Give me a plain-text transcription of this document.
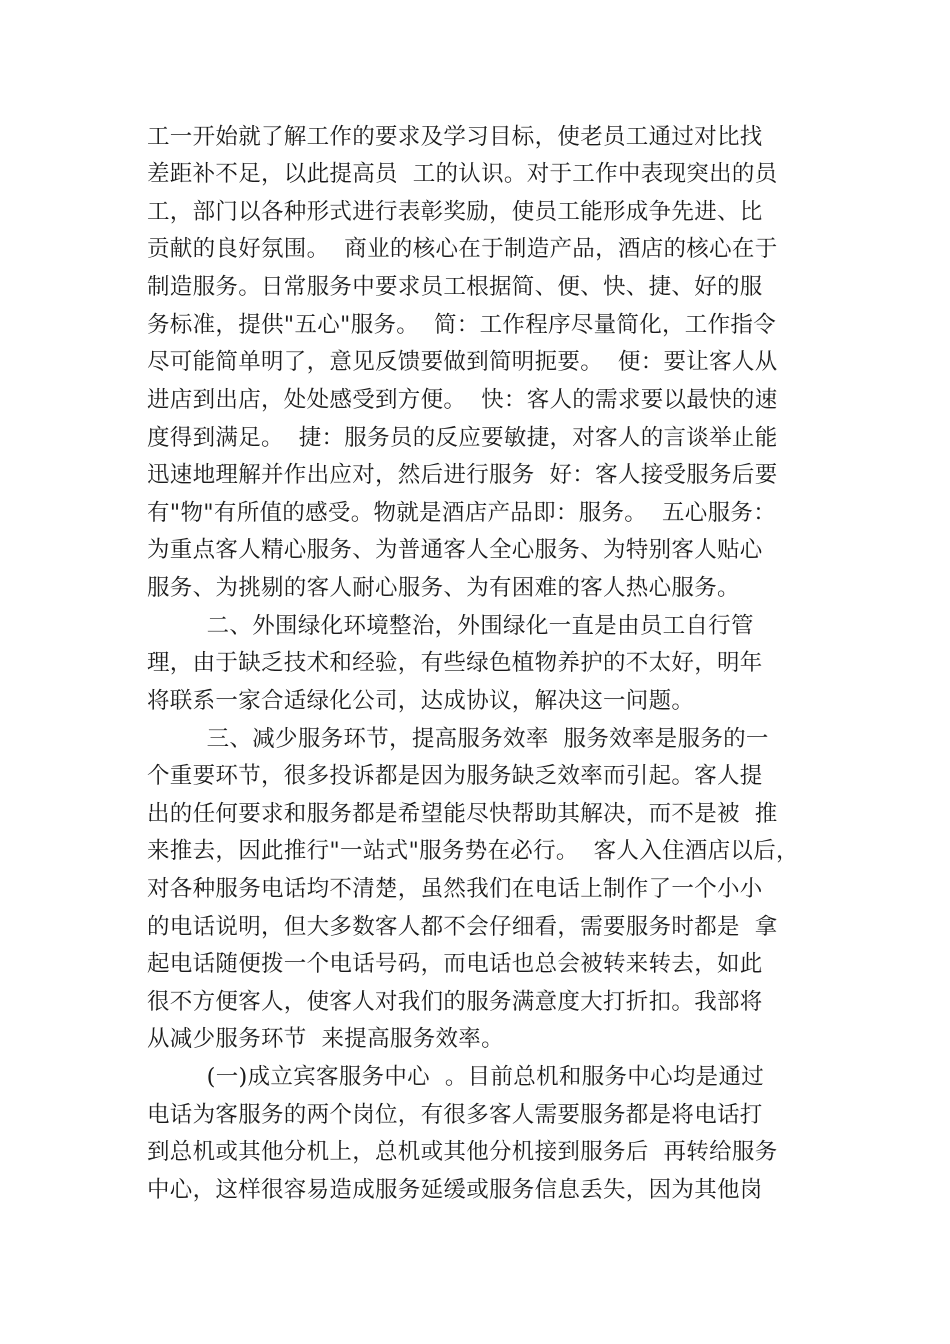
工一开始就了解工作的要求及学习目标，使老员工通过对比找
差距补不足，以此提高员  工的认识。对于工作中表现突出的员
工，部门以各种形式进行表彰奖励，使员工能形成争先进、比
贡献的良好氛围。  商业的核心在于制造产品，酒店的核心在于
制造服务。日常服务中要求员工根据简、便、快、捷、好的服
务标准，提供"五心"服务。  简：工作程序尽量简化，工作指令
尽可能简单明了，意见反馈要做到简明扼要。  便：要让客人从
进店到出店，处处感受到方便。  快：客人的需求要以最快的速
度得到满足。  捷：服务员的反应要敏捷，对客人的言谈举止能
迅速地理解并作出应对，然后进行服务  好：客人接受服务后要
有"物"有所值的感受。物就是酒店产品即：服务。  五心服务：
为重点客人精心服务、为普通客人全心服务、为特别客人贴心
服务、为挑剔的客人耐心服务、为有困难的客人热心服务。
二、外围绿化环境整治，外围绿化一直是由员工自行管
理，由于缺乏技术和经验，有些绿色植物养护的不太好，明年
将联系一家合适绿化公司，达成协议，解决这一问题。
三、减少服务环节，提高服务效率  服务效率是服务的一
个重要环节，很多投诉都是因为服务缺乏效率而引起。客人提
出的任何要求和服务都是希望能尽快帮助其解决，而不是被  推
来推去，因此推行"一站式"服务势在必行。  客人入住酒店以后，
对各种服务电话均不清楚，虽然我们在电话上制作了一个小小
的电话说明，但大多数客人都不会仔细看，需要服务时都是  拿
起电话随便拨一个电话号码，而电话也总会被转来转去，如此
很不方便客人，使客人对我们的服务满意度大打折扣。我部将
从减少服务环节  来提高服务效率。
(一)成立宾客服务中心  。目前总机和服务中心均是通过
电话为客服务的两个岗位，有很多客人需要服务都是将电话打
到总机或其他分机上，总机或其他分机接到服务后  再转给服务
中心，这样很容易造成服务延缓或服务信息丢失，因为其他岗
